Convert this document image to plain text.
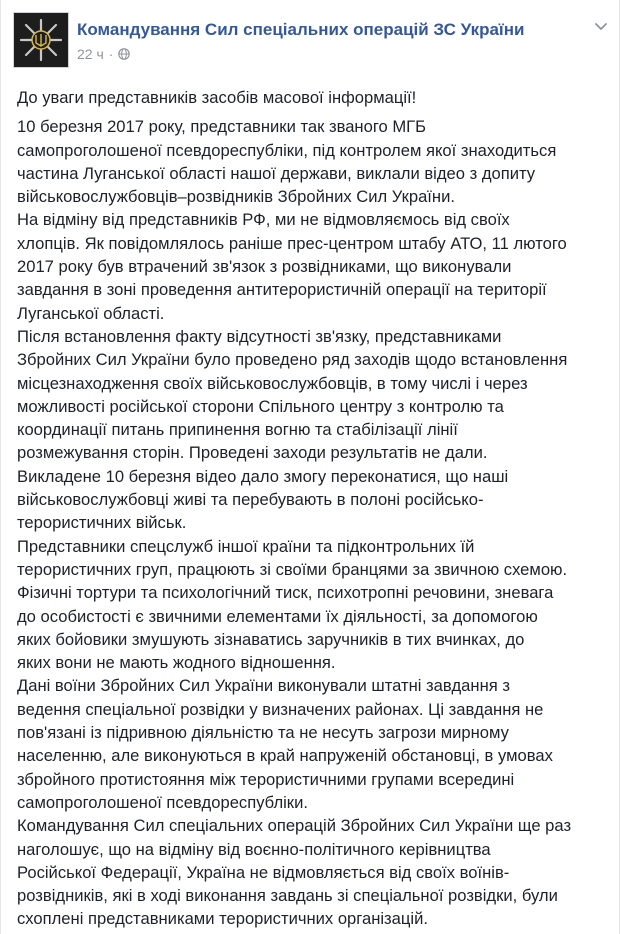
Командування Сил спеціальних операцій ЗС України
22 ч ·

До уваги представників засобів масової інформації!

10 березня 2017 року, представники так званого МГБ
самопроголошеної псевдореспубліки, під контролем якої знаходиться
частина Луганської області нашої держави, виклали відео з допиту
військовослужбовців–розвідників Збройних Сил України.

На відміну від представників РФ, ми не відмовляємось від своїх
хлопців. Як повідомлялось раніше прес-центром штабу АТО, 11 лютого
2017 року був втрачений зв'язок з розвідниками, що виконували
завдання в зоні проведення антитерористичній операції на території
Луганської області.

Після встановлення факту відсутності зв'язку, представниками
Збройних Сил України було проведено ряд заходів щодо встановлення
місцезнаходження своїх військовослужбовців, в тому числі і через
можливості російської сторони Спільного центру з контролю та
координації питань припинення вогню та стабілізації лінії
розмежування сторін. Проведені заходи результатів не дали.

Викладене 10 березня відео дало змогу переконатися, що наші
військовослужбовці живі та перебувають в полоні російсько-
терористичних військ.

Представники спецслужб іншої країни та підконтрольних їй
терористичних груп, працюють зі своїми бранцями за звичною схемою.
Фізичні тортури та психологічний тиск, психотропні речовини, зневага
до особистості є звичними елементами їх діяльності, за допомогою
яких бойовики змушують зізнаватись заручників в тих вчинках, до
яких вони не мають жодного відношення.

Дані воїни Збройних Сил України виконували штатні завдання з
ведення спеціальної розвідки у визначених районах. Ці завдання не
пов'язані із підривною діяльністю та не несуть загрози мирному
населенню, але виконуються в край напруженій обстановці, в умовах
збройного протистояння між терористичними групами всередині
самопроголошеної псевдореспубліки.

Командування Сил спеціальних операцій Збройних Сил України ще раз
наголошує, що на відміну від воєнно-політичного керівництва
Російської Федерації, Україна не відмовляється від своїх воїнів-
розвідників, які в ході виконання завдань зі спеціальної розвідки, були
схоплені представниками терористичних організацій.
